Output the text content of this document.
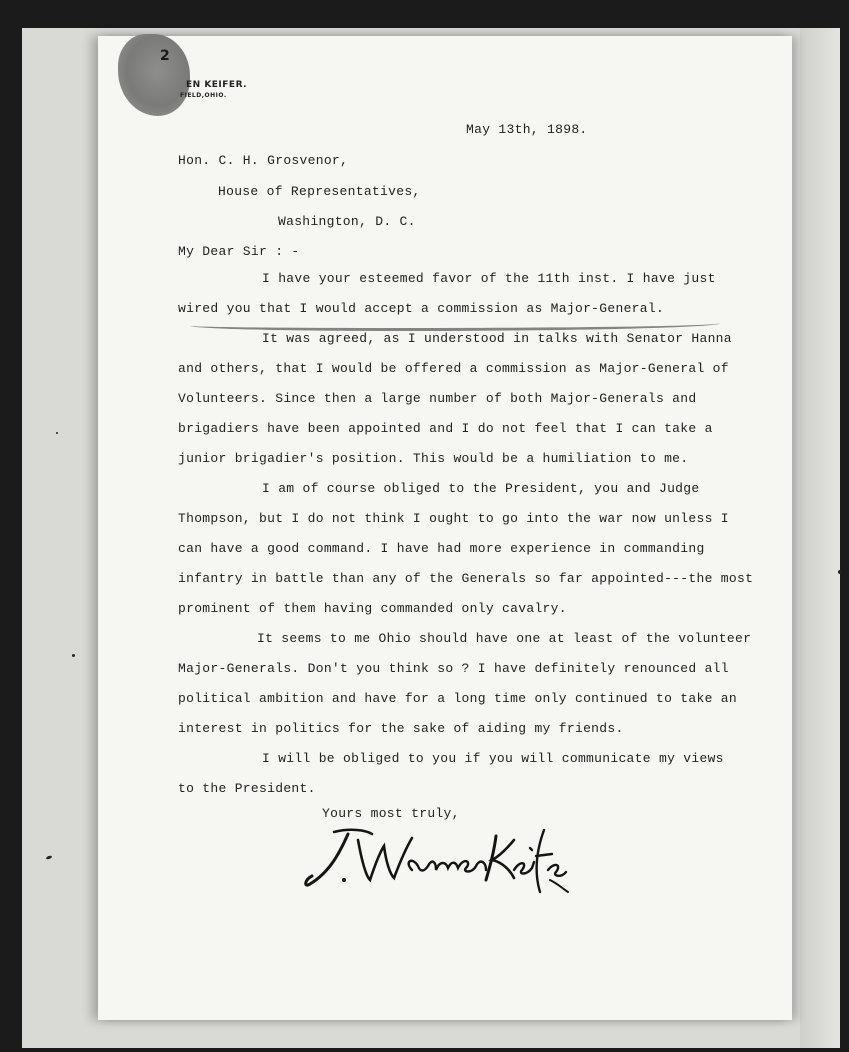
2
EN KEIFER.
FIELD,OHIO.
May 13th, 1898.
Hon. C. H. Grosvenor,
House of Representatives,
Washington, D. C.
My Dear Sir : -
I have your esteemed favor of the 11th inst. I have just
wired you that I would accept a commission as Major-General.
It was agreed, as I understood in talks with Senator Hanna
and others, that I would be offered a commission as Major-General of
Volunteers. Since then a large number of both Major-Generals and
brigadiers have been appointed and I do not feel that I can take a
junior brigadier's position. This would be a humiliation to me.
I am of course obliged to the President, you and Judge
Thompson, but I do not think I ought to go into the war now unless I
can have a good command. I have had more experience in commanding
infantry in battle than any of the Generals so far appointed---the most
prominent of them having commanded only cavalry.
It seems to me Ohio should have one at least of the volunteer
Major-Generals. Don't you think so ? I have definitely renounced all
political ambition and have for a long time only continued to take an
interest in politics for the sake of aiding my friends.
I will be obliged to you if you will communicate my views
to the President.
Yours most truly,
